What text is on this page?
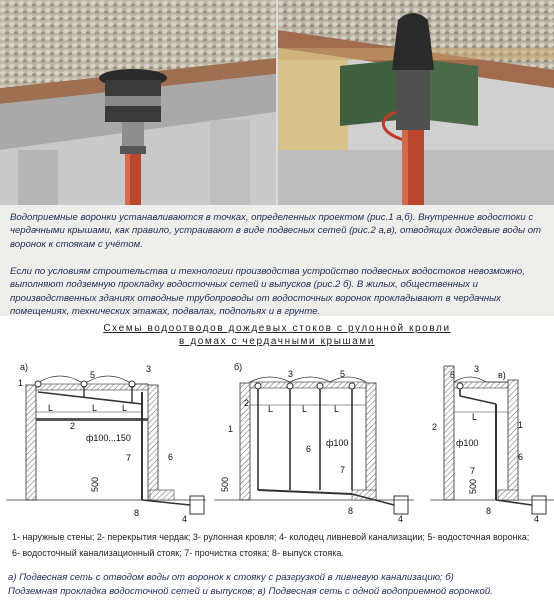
Водоприемные воронки устанавливаются в точках, определенных проектом (рис.1 а,б). Внутренние водостоки с чердачными крышами, как правило, устраивают в виде подвесных сетей (рис.2 а,в), отводящих дождевые воды от воронок к стоякам с учётом.

Если по условиям строительства и технологии производства устройство подвесных водостоков невозможно, выполняют подземную прокладку водосточных сетей и выпусков (рис.2 б). В жилых, общественных и производственных зданиях отводные трубопроводы от водосточных воронок прокладывают в чердачных помещениях, технических этажах, подвалах, подпольях и в грунте.

Схемы водоотводов дождевых стоков с рулонной кровли
в домах с чердачными крышами
а)
L	L	L
ф100...150
500
5
3
1
2
6
7
8
4
б)
L	L	L
ф100
500
3	5
1
2
6
7
8
4
в)
L
ф100
500
5
3
2	1
6
7
8
4
1- наружные стены; 2- перекрытия чердак; 3- рулонная кровля; 4- колодец ливневой канализации; 5- водосточная воронка;
6- водосточный канализационный стояк; 7- прочистка стояка; 8- выпуск стояка.
а) Подвесная сеть с отводом воды от воронок к стояку с разгрузкой в ливневую канализацию; б)
Подземная прокладка водосточной сетей и выпусков; в) Подвесная сеть с одной водоприемной воронкой.
